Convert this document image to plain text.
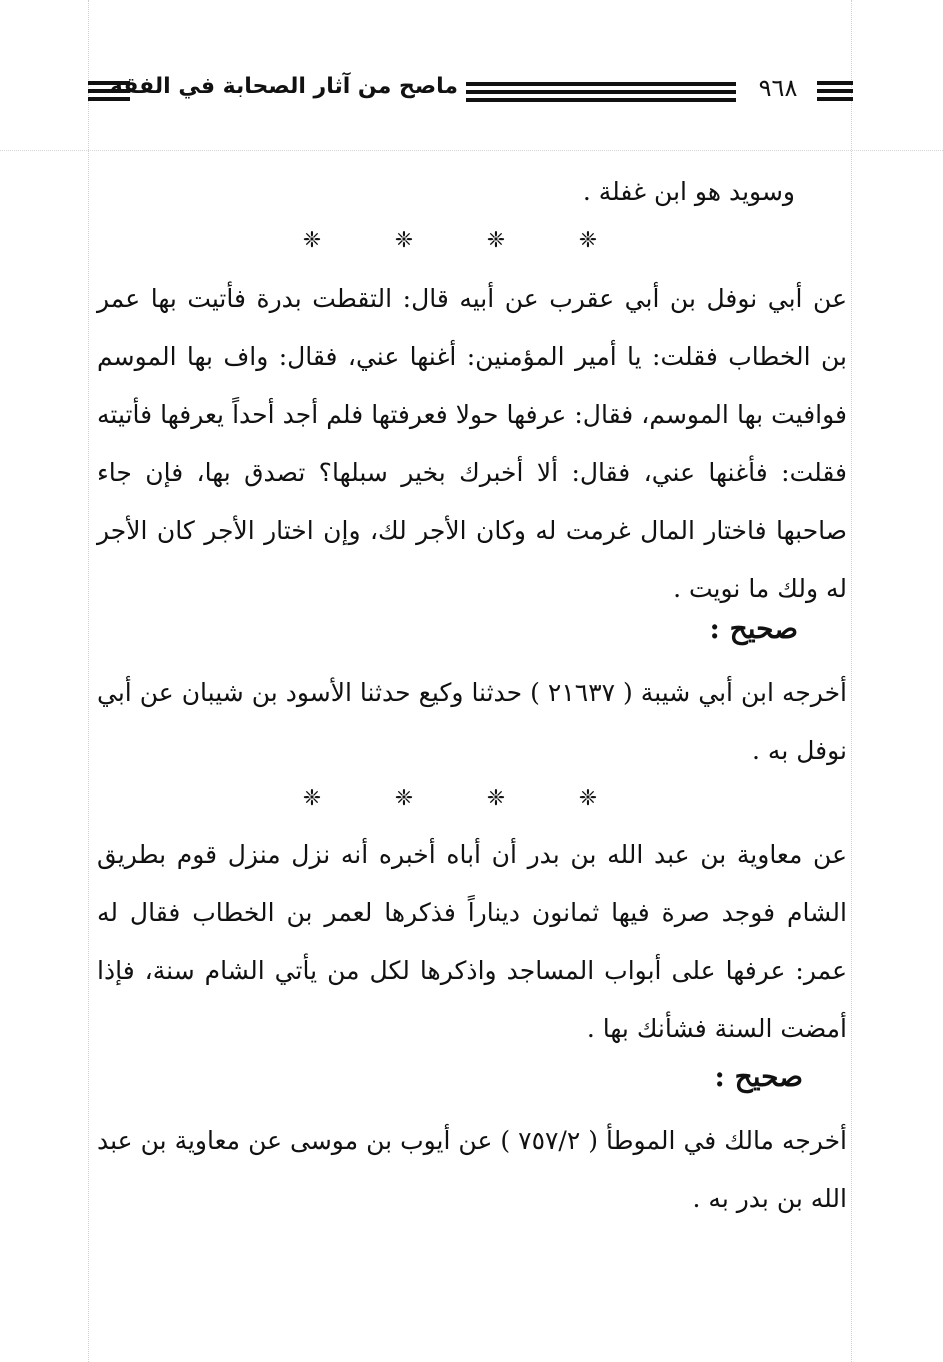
ماصح من آثار الصحابة في الفقه	٩٦٨

وسويد هو ابن غفلة .

❈	❈	❈	❈

عن أبي نوفل بن أبي عقرب عن أبيه قال: التقطت بدرة فأتيت بها عمر بن الخطاب فقلت: يا أمير المؤمنين: أغنها عني، فقال: واف بها الموسم فوافيت بها الموسم، فقال: عرفها حولا فعرفتها فلم أجد أحداً يعرفها فأتيته فقلت: فأغنها عني، فقال: ألا أخبرك بخير سبلها؟ تصدق بها، فإن جاء صاحبها فاختار المال غرمت له وكان الأجر لك، وإن اختار الأجر كان الأجر له ولك ما نويت .

صحيح :

أخرجه ابن أبي شيبة ( ٢١٦٣٧ ) حدثنا وكيع حدثنا الأسود بن شيبان عن أبي نوفل به .

❈	❈	❈	❈

عن معاوية بن عبد الله بن بدر أن أباه أخبره أنه نزل منزل قوم بطريق الشام فوجد صرة فيها ثمانون ديناراً فذكرها لعمر بن الخطاب فقال له عمر: عرفها على أبواب المساجد واذكرها لكل من يأتي الشام سنة، فإذا أمضت السنة فشأنك بها .

صحيح :

أخرجه مالك في الموطأ ( ٧٥٧/٢ ) عن أيوب بن موسى عن معاوية بن عبد الله بن بدر به .
